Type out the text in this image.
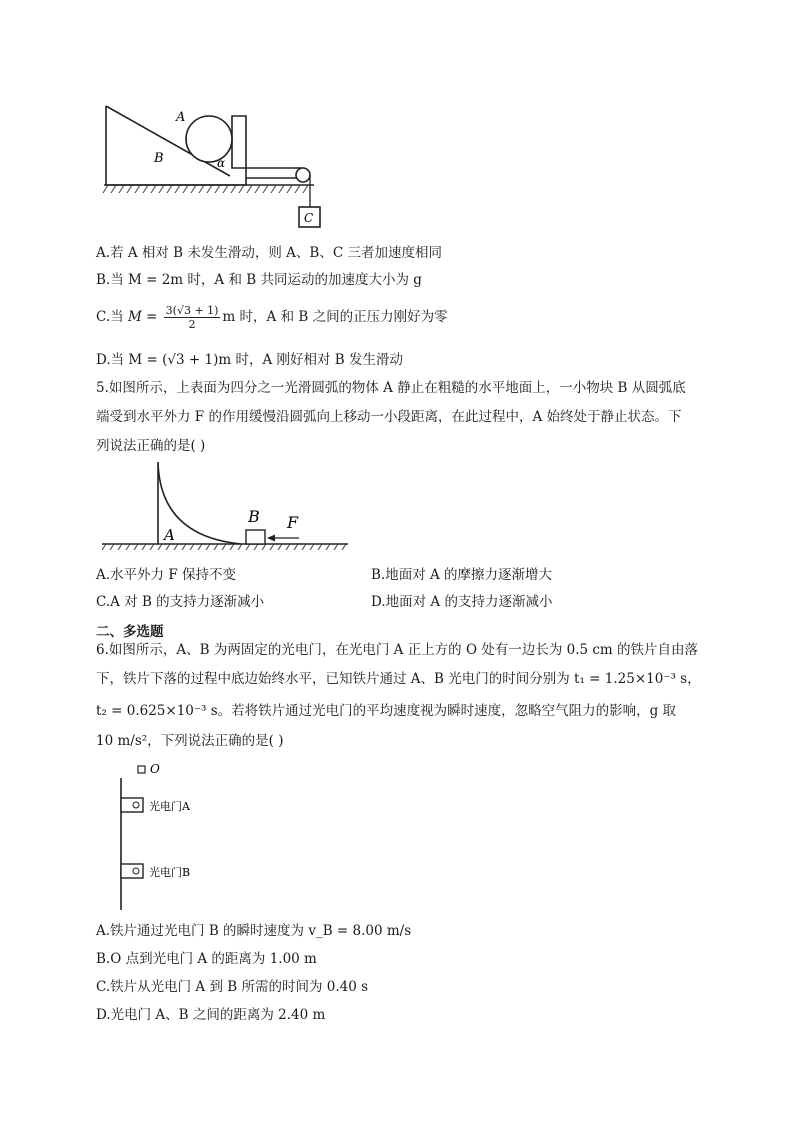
A
B	α
C
A.若 A 相对 B 未发生滑动，则 A、B、C 三者加速度相同
B.当 M = 2m 时，A 和 B 共同运动的加速度大小为 g
C.当 $M = \frac{3(√3 + 1)}{2}$ m 时，A 和 B 之间的正压力刚好为零
D.当 M = (√3 + 1)m 时，A 刚好相对 B 发生滑动
5.如图所示，上表面为四分之一光滑圆弧的物体 A 静止在粗糙的水平地面上，一小物块 B 从圆弧底
端受到水平外力 F 的作用缓慢沿圆弧向上移动一小段距离，在此过程中，A 始终处于静止状态。下
列说法正确的是( )
A
B F
A.水平外力 F 保持不变	B.地面对 A 的摩擦力逐渐增大
C.A 对 B 的支持力逐渐减小	D.地面对 A 的支持力逐渐减小
二、多选题
6.如图所示，A、B 为两固定的光电门，在光电门 A 正上方的 O 处有一边长为 0.5 cm 的铁片自由落
下，铁片下落的过程中底边始终水平，已知铁片通过 A、B 光电门的时间分别为 t₁ = 1.25×10⁻³ s，
t₂ = 0.625×10⁻³ s。若将铁片通过光电门的平均速度视为瞬时速度，忽略空气阻力的影响，g 取
10 m/s²，下列说法正确的是( )
O
光电门A
光电门B
A.铁片通过光电门 B 的瞬时速度为 v_B = 8.00 m/s
B.O 点到光电门 A 的距离为 1.00 m
C.铁片从光电门 A 到 B 所需的时间为 0.40 s
D.光电门 A、B 之间的距离为 2.40 m
